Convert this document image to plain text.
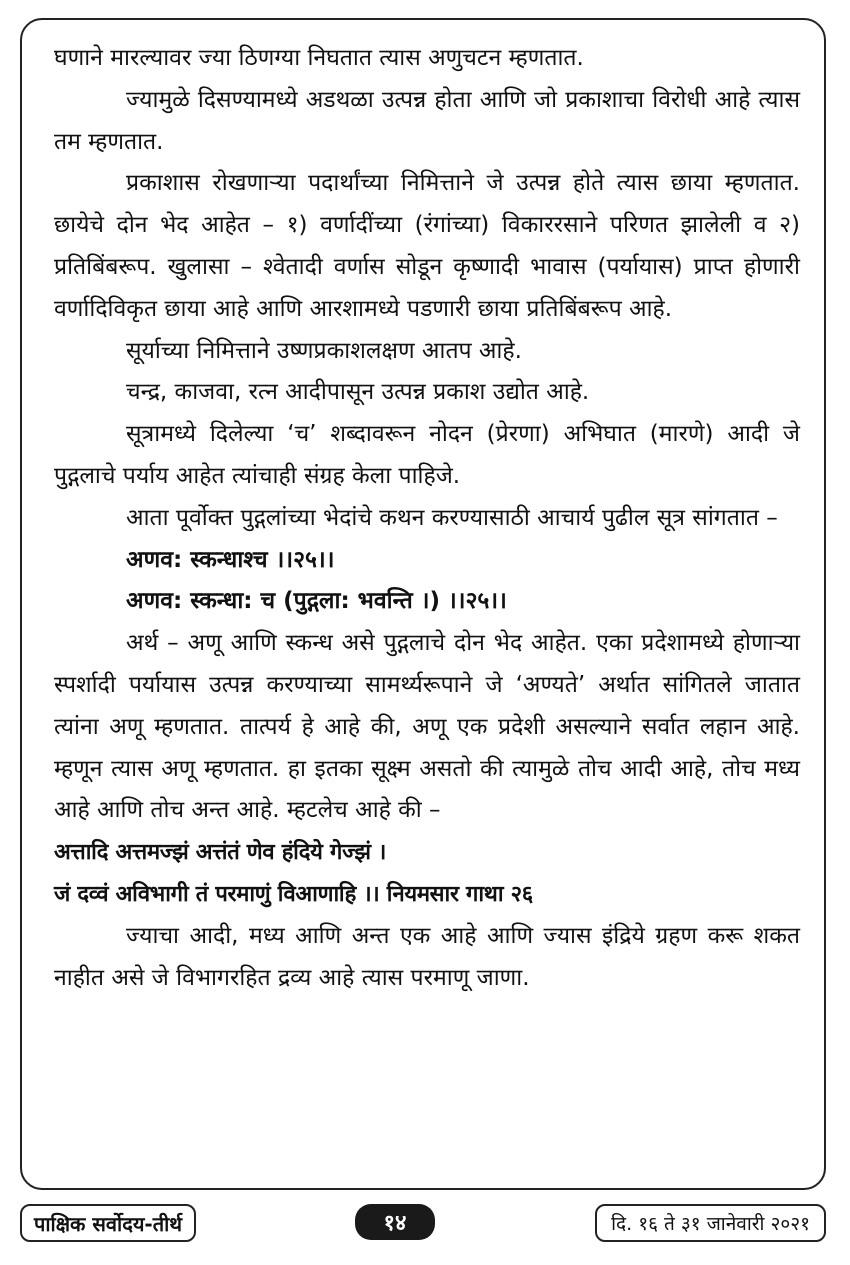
घणाने मारल्यावर ज्या ठिणग्या निघतात त्यास अणुचटन म्हणतात.

ज्यामुळे दिसण्यामध्ये अडथळा उत्पन्न होता आणि जो प्रकाशाचा विरोधी आहे त्यास तम म्हणतात.

प्रकाशास रोखणाऱ्या पदार्थांच्या निमित्ताने जे उत्पन्न होते त्यास छाया म्हणतात. छायेचे दोन भेद आहेत – १) वर्णादींच्या (रंगांच्या) विकाररसाने परिणत झालेली व २) प्रतिबिंबरूप. खुलासा – श्वेतादी वर्णास सोडून कृष्णादी भावास (पर्यायास) प्राप्त होणारी वर्णादिविकृत छाया आहे आणि आरशामध्ये पडणारी छाया प्रतिबिंबरूप आहे.

सूर्याच्या निमित्ताने उष्णप्रकाशलक्षण आतप आहे.

चन्द्र, काजवा, रत्न आदीपासून उत्पन्न प्रकाश उद्योत आहे.

सूत्रामध्ये दिलेल्या ‘च’ शब्दावरून नोदन (प्रेरणा) अभिघात (मारणे) आदी जे पुद्गलाचे पर्याय आहेत त्यांचाही संग्रह केला पाहिजे.

आता पूर्वोक्त पुद्गलांच्या भेदांचे कथन करण्यासाठी आचार्य पुढील सूत्र सांगतात –

अणव: स्कन्धाश्च ।।२५।।

अणव: स्कन्धा: च (पुद्गला: भवन्ति ।) ।।२५।।

अर्थ – अणू आणि स्कन्ध असे पुद्गलाचे दोन भेद आहेत. एका प्रदेशामध्ये होणाऱ्या स्पर्शादी पर्यायास उत्पन्न करण्याच्या सामर्थ्यरूपाने जे ‘अण्यते’ अर्थात सांगितले जातात त्यांना अणू म्हणतात. तात्पर्य हे आहे की, अणू एक प्रदेशी असल्याने सर्वात लहान आहे. म्हणून त्यास अणू म्हणतात. हा इतका सूक्ष्म असतो की त्यामुळे तोच आदी आहे, तोच मध्य आहे आणि तोच अन्त आहे. म्हटलेच आहे की –

अत्तादि अत्तमज्झं अत्तंतं णेव हंदिये गेज्झं ।

जं दव्वं अविभागी तं परमाणुं विआणाहि ।। नियमसार गाथा २६

ज्याचा आदी, मध्य आणि अन्त एक आहे आणि ज्यास इंद्रिये ग्रहण करू शकत नाहीत असे जे विभागरहित द्रव्य आहे त्यास परमाणू जाणा.

पाक्षिक सर्वोदय-तीर्थ	१४	दि. १६ ते ३१ जानेवारी २०२१
